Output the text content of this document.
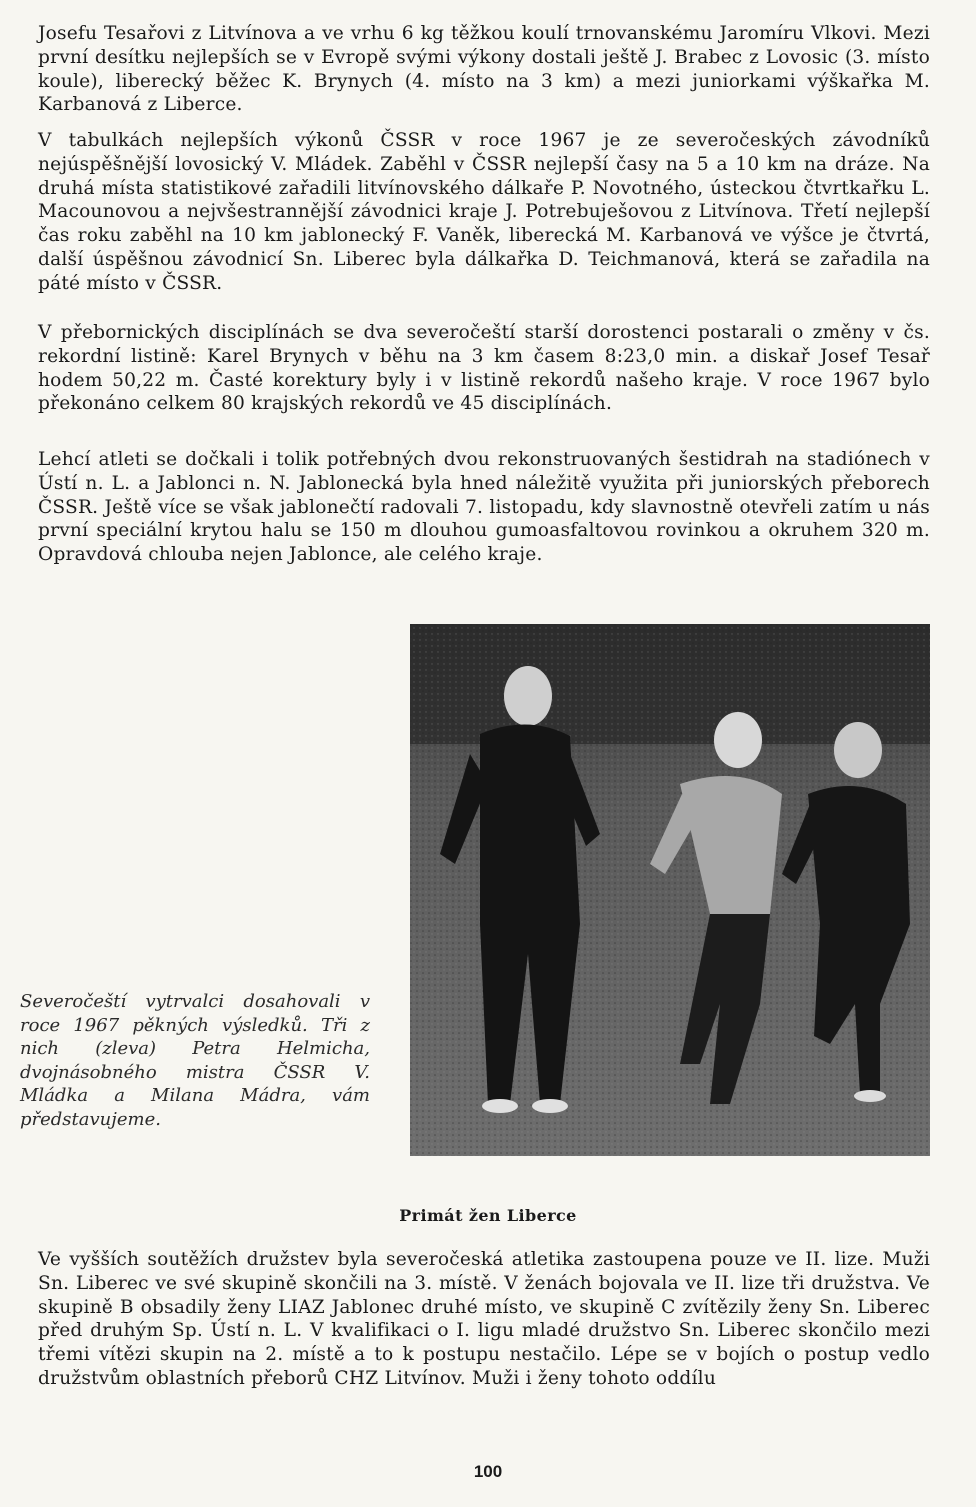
Josefu Tesařovi z Litvínova a ve vrhu 6 kg těžkou koulí trnovanskému Jaromíru Vlkovi. Mezi první desítku nejlepších se v Evropě svými výkony dostali ještě J. Brabec z Lovosic (3. místo koule), liberecký běžec K. Brynych (4. místo na 3 km) a mezi juniorkami výškařka M. Karbanová z Liberce.

V tabulkách nejlepších výkonů ČSSR v roce 1967 je ze severočeských závodníků nejúspěšnější lovosický V. Mládek. Zaběhl v ČSSR nejlepší časy na 5 a 10 km na dráze. Na druhá místa statistikové zařadili litvínovského dálkaře P. Novotného, ústeckou čtvrtkařku L. Macounovou a nejvšestrannější závodnici kraje J. Potrebuješovou z Litvínova. Třetí nejlepší čas roku zaběhl na 10 km jablonecký F. Vaněk, liberecká M. Karbanová ve výšce je čtvrtá, další úspěšnou závodnicí Sn. Liberec byla dálkařka D. Teichmanová, která se zařadila na páté místo v ČSSR.

V přebornických disciplínách se dva severočeští starší dorostenci postarali o změny v čs. rekordní listině: Karel Brynych v běhu na 3 km časem 8:23,0 min. a diskař Josef Tesař hodem 50,22 m. Časté korektury byly i v listině rekordů našeho kraje. V roce 1967 bylo překonáno celkem 80 krajských rekordů ve 45 disciplínách.

Lehcí atleti se dočkali i tolik potřebných dvou rekonstruovaných šestidrah na stadiónech v Ústí n. L. a Jablonci n. N. Jablonecká byla hned náležitě využita při juniorských přeborech ČSSR. Ještě více se však jablonečtí radovali 7. listopadu, kdy slavnostně otevřeli zatím u nás první speciální krytou halu se 150 m dlouhou gumoasfaltovou rovinkou a okruhem 320 m. Opravdová chlouba nejen Jablonce, ale celého kraje.

Severočeští vytrvalci dosahovali v roce 1967 pěkných výsledků. Tři z nich (zleva) Petra Helmicha, dvojnásobného mistra ČSSR V. Mládka a Milana Mádra, vám představujeme.

Primát žen Liberce

Ve vyšších soutěžích družstev byla severočeská atletika zastoupena pouze ve II. lize. Muži Sn. Liberec ve své skupině skončili na 3. místě. V ženách bojovala ve II. lize tři družstva. Ve skupině B obsadily ženy LIAZ Jablonec druhé místo, ve skupině C zvítězily ženy Sn. Liberec před druhým Sp. Ústí n. L. V kvalifikaci o I. ligu mladé družstvo Sn. Liberec skončilo mezi třemi vítězi skupin na 2. místě a to k postupu nestačilo. Lépe se v bojích o postup vedlo družstvům oblastních přeborů CHZ Litvínov. Muži i ženy tohoto oddílu

100
